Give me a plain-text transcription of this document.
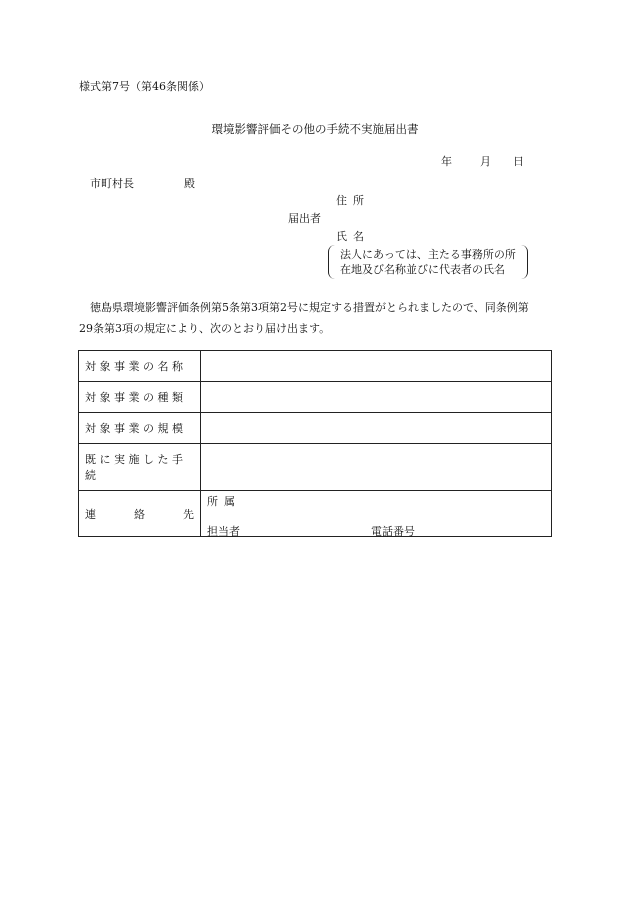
様式第7号（第46条関係）
環境影響評価その他の手続不実施届出書
年	月 日
市町村長	殿
住所
届出者
氏名
法人にあっては、主たる事務所の所
在地及び名称並びに代表者の氏名
徳島県環境影響評価条例第5条第3項第2号に規定する措置がとられましたので、同条例第
29条第3項の規定により、次のとおり届け出ます。
対象事業の名称	
対象事業の種類	
対象事業の規模	
既に実施した手続	

連 絡 先	所属
担当者 電話番号
